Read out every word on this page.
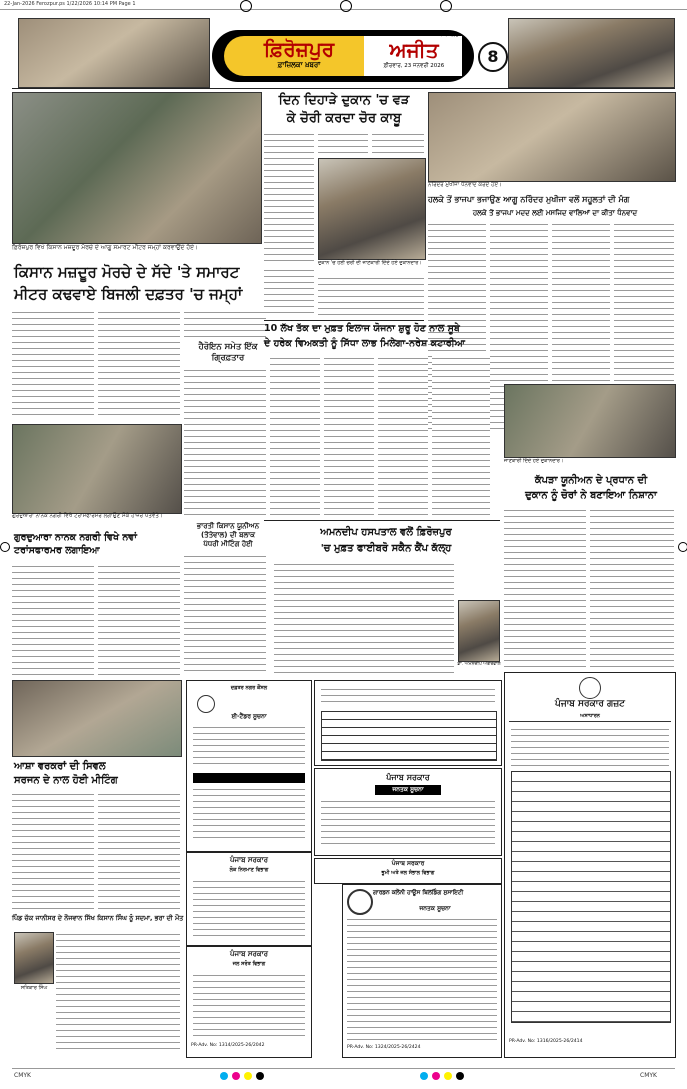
22-Jan-2026 Ferozpur.ps 1/22/2026 10:14 PM Page 1
ਫ਼ਿਰੋਜ਼ਪੁਰ
ਫ਼ਾਜ਼ਿਲਕਾ ਖ਼ਬਰਾਂ
ਅਜੀਤ, ਬੱਲੇਚਾ
ਅਜੀਤ
ਫ਼ੀਰਵਾਰ, 23 ਜਨਵਰੀ 2026	8
ਫ਼ਿਰੋਜ਼ਪੁਰ ਵਿਖੇ ਕਿਸਾਨ ਮਜ਼ਦੂਰ ਮੋਰਚੇ ਦੇ ਆਗੂ ਸਮਾਰਟ ਮੀਟਰ ਜਮ੍ਹਾਂ ਕਰਵਾਉਂਦੇ ਹੋਏ।
ਕਿਸਾਨ ਮਜ਼ਦੂਰ ਮੋਰਚੇ ਦੇ ਸੱਦੇ 'ਤੇ ਸਮਾਰਟ
ਮੀਟਰ ਕਢਵਾਏ ਬਿਜਲੀ ਦਫ਼ਤਰ 'ਚ ਜਮ੍ਹਾਂ
ਹੈਰੋਇਨ ਸਮੇਤ ਇੱਕ ਗ੍ਰਿਫ਼ਤਾਰ
ਗੁਰਦੁਆਰਾ ਨਾਨਕ ਨਗਰੀ ਵਿਖੇ ਟਰਾਂਸਫਾਰਮਰ ਲਗਾਉਣ ਮੌਕੇ ਹਾਜ਼ਰ ਪਤਵੰਤੇ।
ਗੁਰਦੁਆਰਾ ਨਾਨਕ ਨਗਰੀ ਵਿਖੇ ਨਵਾਂ
ਟਰਾਂਸਫਾਰਮਰ ਲਗਾਇਆ
ਭਾਰਤੀ ਕਿਸਾਨ ਯੂਨੀਅਨ
(ਤੋਤੇਵਾਲ) ਦੀ ਬਲਾਕ
ਪੱਧਰੀ ਮੀਟਿੰਗ ਹੋਈ
ਆਸ਼ਾ ਵਰਕਰਾਂ ਦੀ ਸਿਵਲ
ਸਰਜਨ ਦੇ ਨਾਲ ਹੋਈ ਮੀਟਿੰਗ
ਪਿੰਡ ਚੱਕ ਜਾਨੀਸਰ ਦੇ ਨੌਜਵਾਨ ਸਿੱਖ ਕਿਸਾਨ ਸਿੰਘ ਨੂੰ ਸਦਮਾ, ਭਰਾ ਦੀ ਮੌਤ
ਸਤਿਕਾਰ ਸਿੰਘ
ਦਿਨ ਦਿਹਾੜੇ ਦੁਕਾਨ 'ਚ ਵੜ
ਕੇ ਚੋਰੀ ਕਰਦਾ ਚੋਰ ਕਾਬੂ
ਦੁਕਾਨ 'ਚ ਹੋਈ ਚੋਰੀ ਦੀ ਜਾਣਕਾਰੀ ਦਿੰਦੇ ਹੋਏ ਦੁਕਾਨਦਾਰ।
ਨਰਿੰਦਰ ਮੁਖੀਜਾ ਧੰਨਵਾਦ ਕਰਦੇ ਹੋਏ।
ਹਲਕੇ ਤੋਂ ਭਾਜਪਾ ਭਜਾਉਣ ਆਗੂ ਨਰਿੰਦਰ ਮੁਖੀਜਾ ਵਲੋਂ ਸਹੂਲਤਾਂ ਦੀ ਮੰਗ
ਹਲਕੇ ਤੋਂ ਭਾਜਪਾ ਮਦਦ ਲਈ ਮਸਜਿਦ ਵਾਲਿਆਂ ਦਾ ਕੀਤਾ ਧੰਨਵਾਦ
10 ਲੱਖ ਤੱਕ ਦਾ ਮੁਫ਼ਤ ਇਲਾਜ ਯੋਜਨਾ ਸ਼ੁਰੂ ਹੋਣ ਨਾਲ ਸੂਬੇ
ਦੇ ਹਰੇਕ ਵਿਅਕਤੀ ਨੂੰ ਸਿੱਧਾ ਲਾਭ ਮਿਲੇਗਾ-ਨਰੇਸ਼ ਕਟਾਰੀਆ
ਜਾਣਕਾਰੀ ਦਿੰਦੇ ਹੋਏ ਦੁਕਾਨਦਾਰ।
ਕੱਪੜਾ ਯੂਨੀਅਨ ਦੇ ਪ੍ਰਧਾਨ ਦੀ
ਦੁਕਾਨ ਨੂੰ ਚੋਰਾਂ ਨੇ ਬਣਾਇਆ ਨਿਸ਼ਾਨਾ
ਅਮਨਦੀਪ ਹਸਪਤਾਲ ਵਲੋਂ ਫ਼ਿਰੋਜ਼ਪੁਰ
'ਚ ਮੁਫ਼ਤ ਫਾਈਬਰੋ ਸਕੈਨ ਕੈਂਪ ਕੱਲ੍ਹ
ਡਾ. ਅਮਨਦੀਪ ਅੱਗਰਵਾਲ
ਦਫ਼ਤਰ ਨਗਰ ਕੌਂਸਲ
ਈ-ਟੈਂਡਰ ਸੂਚਨਾ
ਪੰਜਾਬ ਸਰਕਾਰ
ਲੋਕ ਨਿਰਮਾਣ ਵਿਭਾਗ
ਪੰਜਾਬ ਸਰਕਾਰ
ਜਲ ਸਰੋਤ ਵਿਭਾਗ
PR-Adv. No: 1314/2025-26/2042
ਪੰਜਾਬ ਸਰਕਾਰ
ਜਨਤਕ ਸੂਚਨਾ
ਗਾਰਡਨ ਕਲੋਨੀ ਹਾਊਸ ਬਿਲਡਿੰਗ ਸੁਸਾਇਟੀ
ਜਨਤਕ ਸੂਚਨਾ
PR-Adv. No: 1324/2025-26/2424
ਪੰਜਾਬ ਸਰਕਾਰ
ਭੂਮੀ ਅਤੇ ਜਲ ਸੰਭਾਲ ਵਿਭਾਗ
ਪੰਜਾਬ ਸਰਕਾਰ ਗਜ਼ਟ
ਅਸਾਧਾਰਨ
PR-Adv. No: 1316/2025-26/2414
CMYK	CMYK
